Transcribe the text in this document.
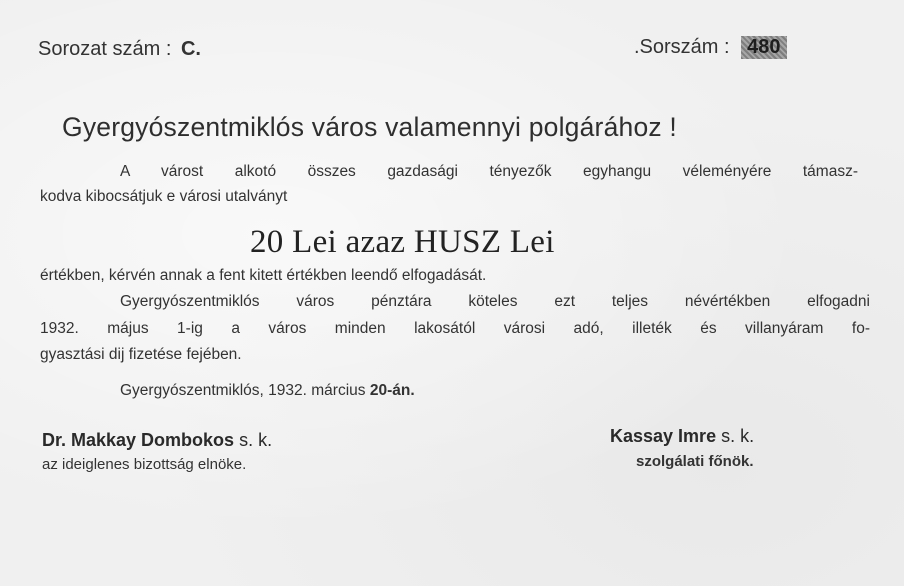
Sorozat szám : C.	.Sorszám : 480
Gyergyószentmiklós város valamennyi polgárához !
A várost alkotó összes gazdasági tényezők egyhangu véleményére támasz-
kodva kibocsátjuk e városi utalványt
20 Lei azaz HUSZ Lei
értékben, kérvén annak a fent kitett értékben leendő elfogadását.
Gyergyószentmiklós város pénztára köteles ezt teljes névértékben elfogadni
1932. május 1-ig a város minden lakosától városi adó, illeték és villanyáram fo-
gyasztási dij fizetése fejében.
Gyergyószentmiklós, 1932. március 20-án.
Dr. Makkay Dombokos s. k.
az ideiglenes bizottság elnöke.
Kassay Imre s. k.
szolgálati főnök.
